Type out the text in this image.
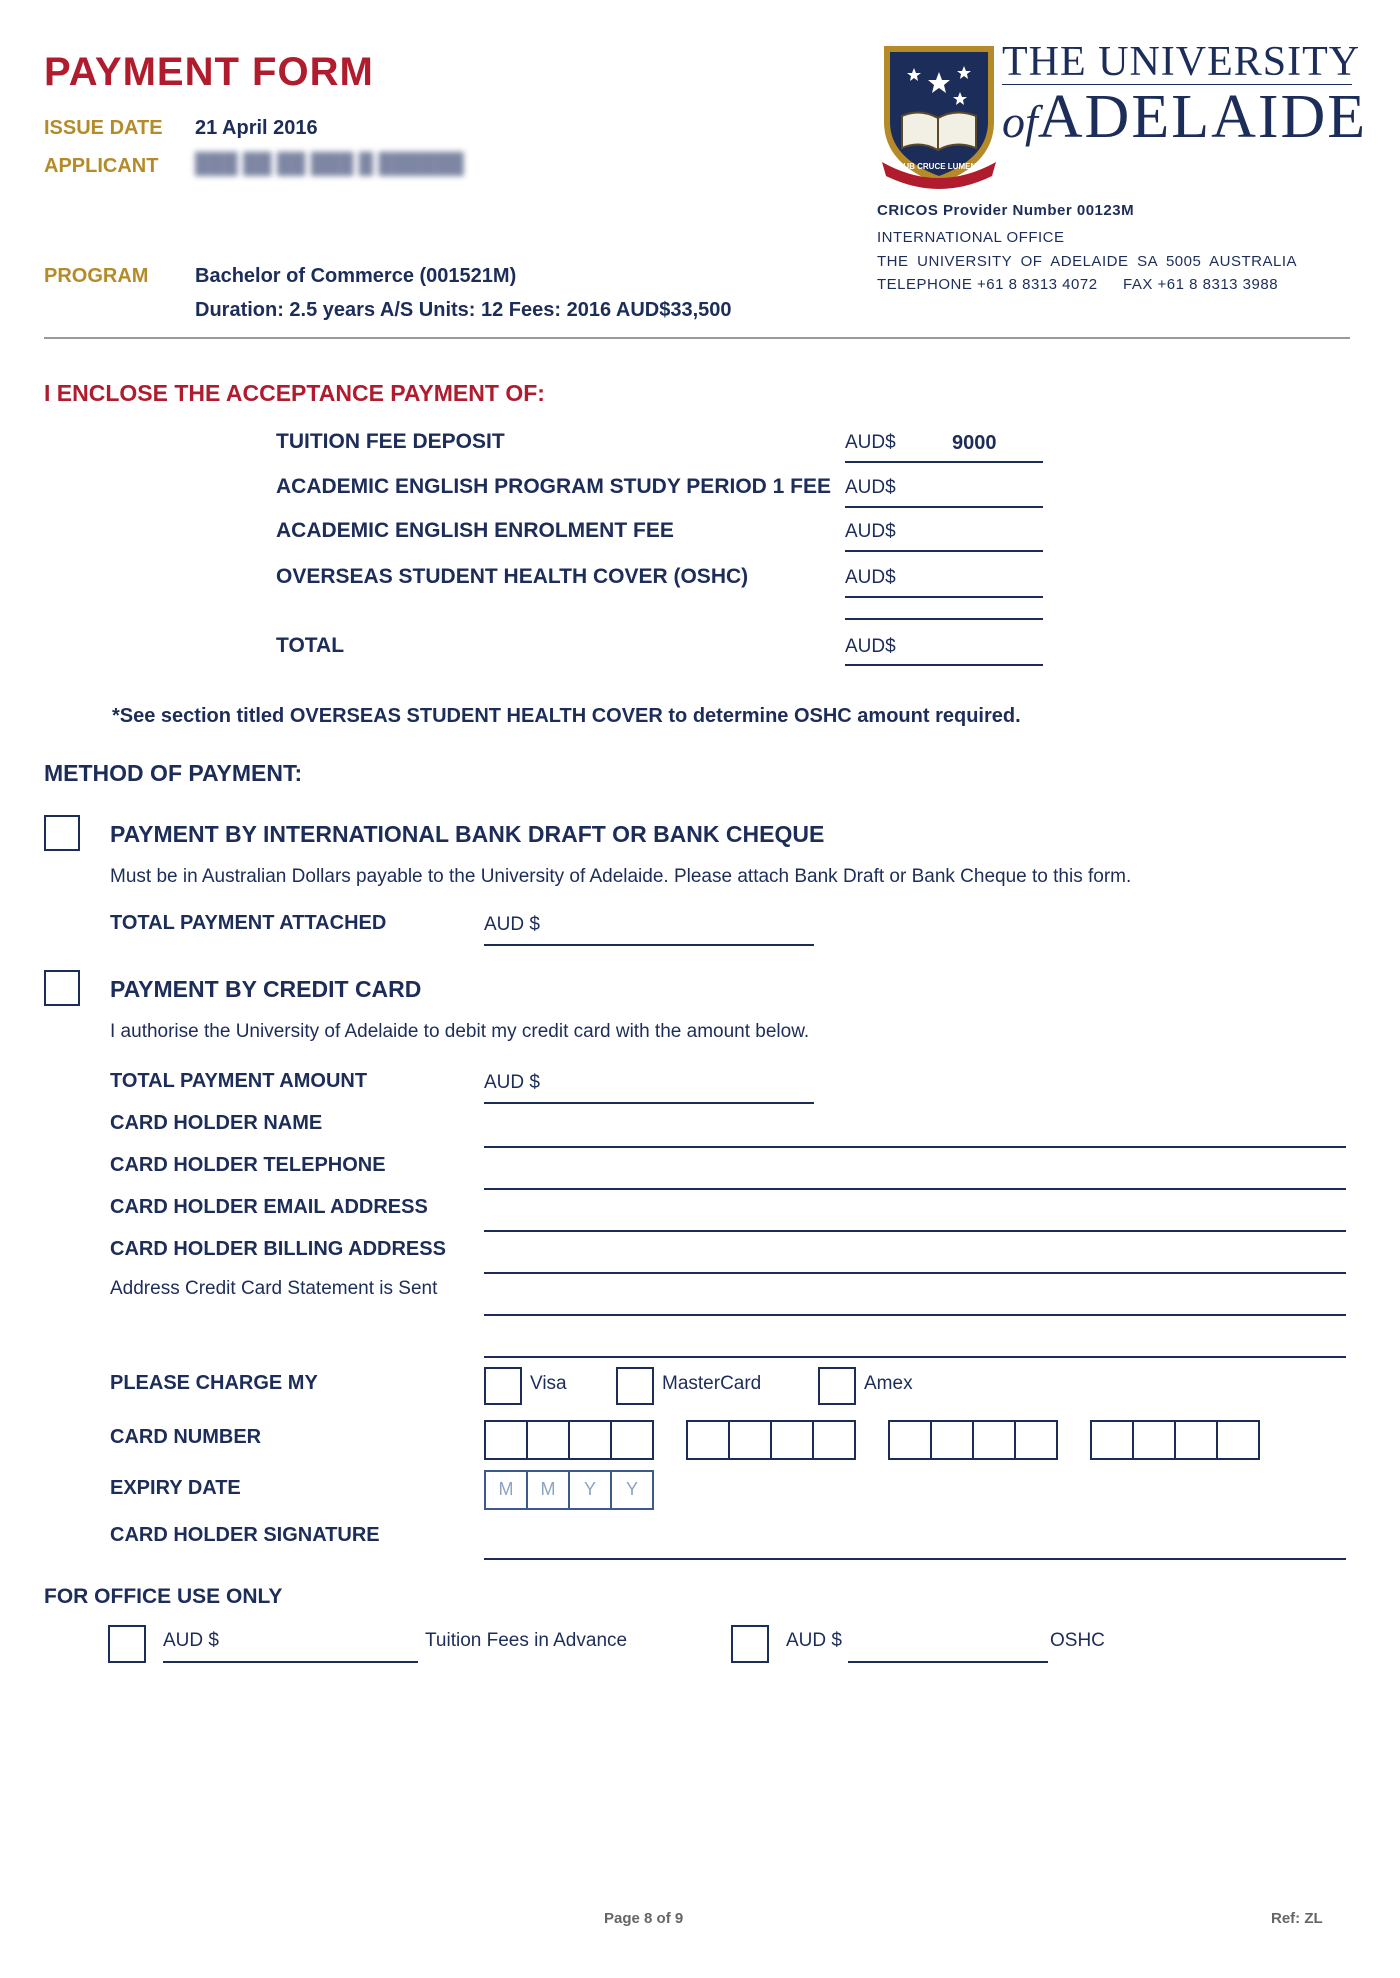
PAYMENT FORM
ISSUE DATE 21 April 2016
APPLICANT ███ ██ ██ ███ █ ██████
PROGRAM Bachelor of Commerce (001521M)
Duration: 2.5 years A/S Units: 12 Fees: 2016 AUD$33,500
SUB CRUCE LUMEN
THE UNIVERSITY
ofADELAIDE
CRICOS Provider Number 00123M
INTERNATIONAL OFFICE
THE UNIVERSITY OF ADELAIDE SA 5005 AUSTRALIA
TELEPHONE +61 8 8313 4072 FAX +61 8 8313 3988
I ENCLOSE THE ACCEPTANCE PAYMENT OF:
TUITION FEE DEPOSIT	AUD$	9000
ACADEMIC ENGLISH PROGRAM STUDY PERIOD 1 FEE AUD$
ACADEMIC ENGLISH ENROLMENT FEE	AUD$
OVERSEAS STUDENT HEALTH COVER (OSHC)	AUD$
TOTAL	AUD$
*See section titled OVERSEAS STUDENT HEALTH COVER to determine OSHC amount required.
METHOD OF PAYMENT:
PAYMENT BY INTERNATIONAL BANK DRAFT OR BANK CHEQUE
Must be in Australian Dollars payable to the University of Adelaide. Please attach Bank Draft or Bank Cheque to this form.
TOTAL PAYMENT ATTACHED	AUD $
PAYMENT BY CREDIT CARD
I authorise the University of Adelaide to debit my credit card with the amount below.
TOTAL PAYMENT AMOUNT	AUD $
CARD HOLDER NAME
CARD HOLDER TELEPHONE
CARD HOLDER EMAIL ADDRESS
CARD HOLDER BILLING ADDRESS
Address Credit Card Statement is Sent
PLEASE CHARGE MY	Visa	MasterCard	Amex
CARD NUMBER
EXPIRY DATE	M	M	Y	Y
CARD HOLDER SIGNATURE
FOR OFFICE USE ONLY
AUD $	Tuition Fees in Advance	AUD $	OSHC
Page 8 of 9	Ref: ZL
